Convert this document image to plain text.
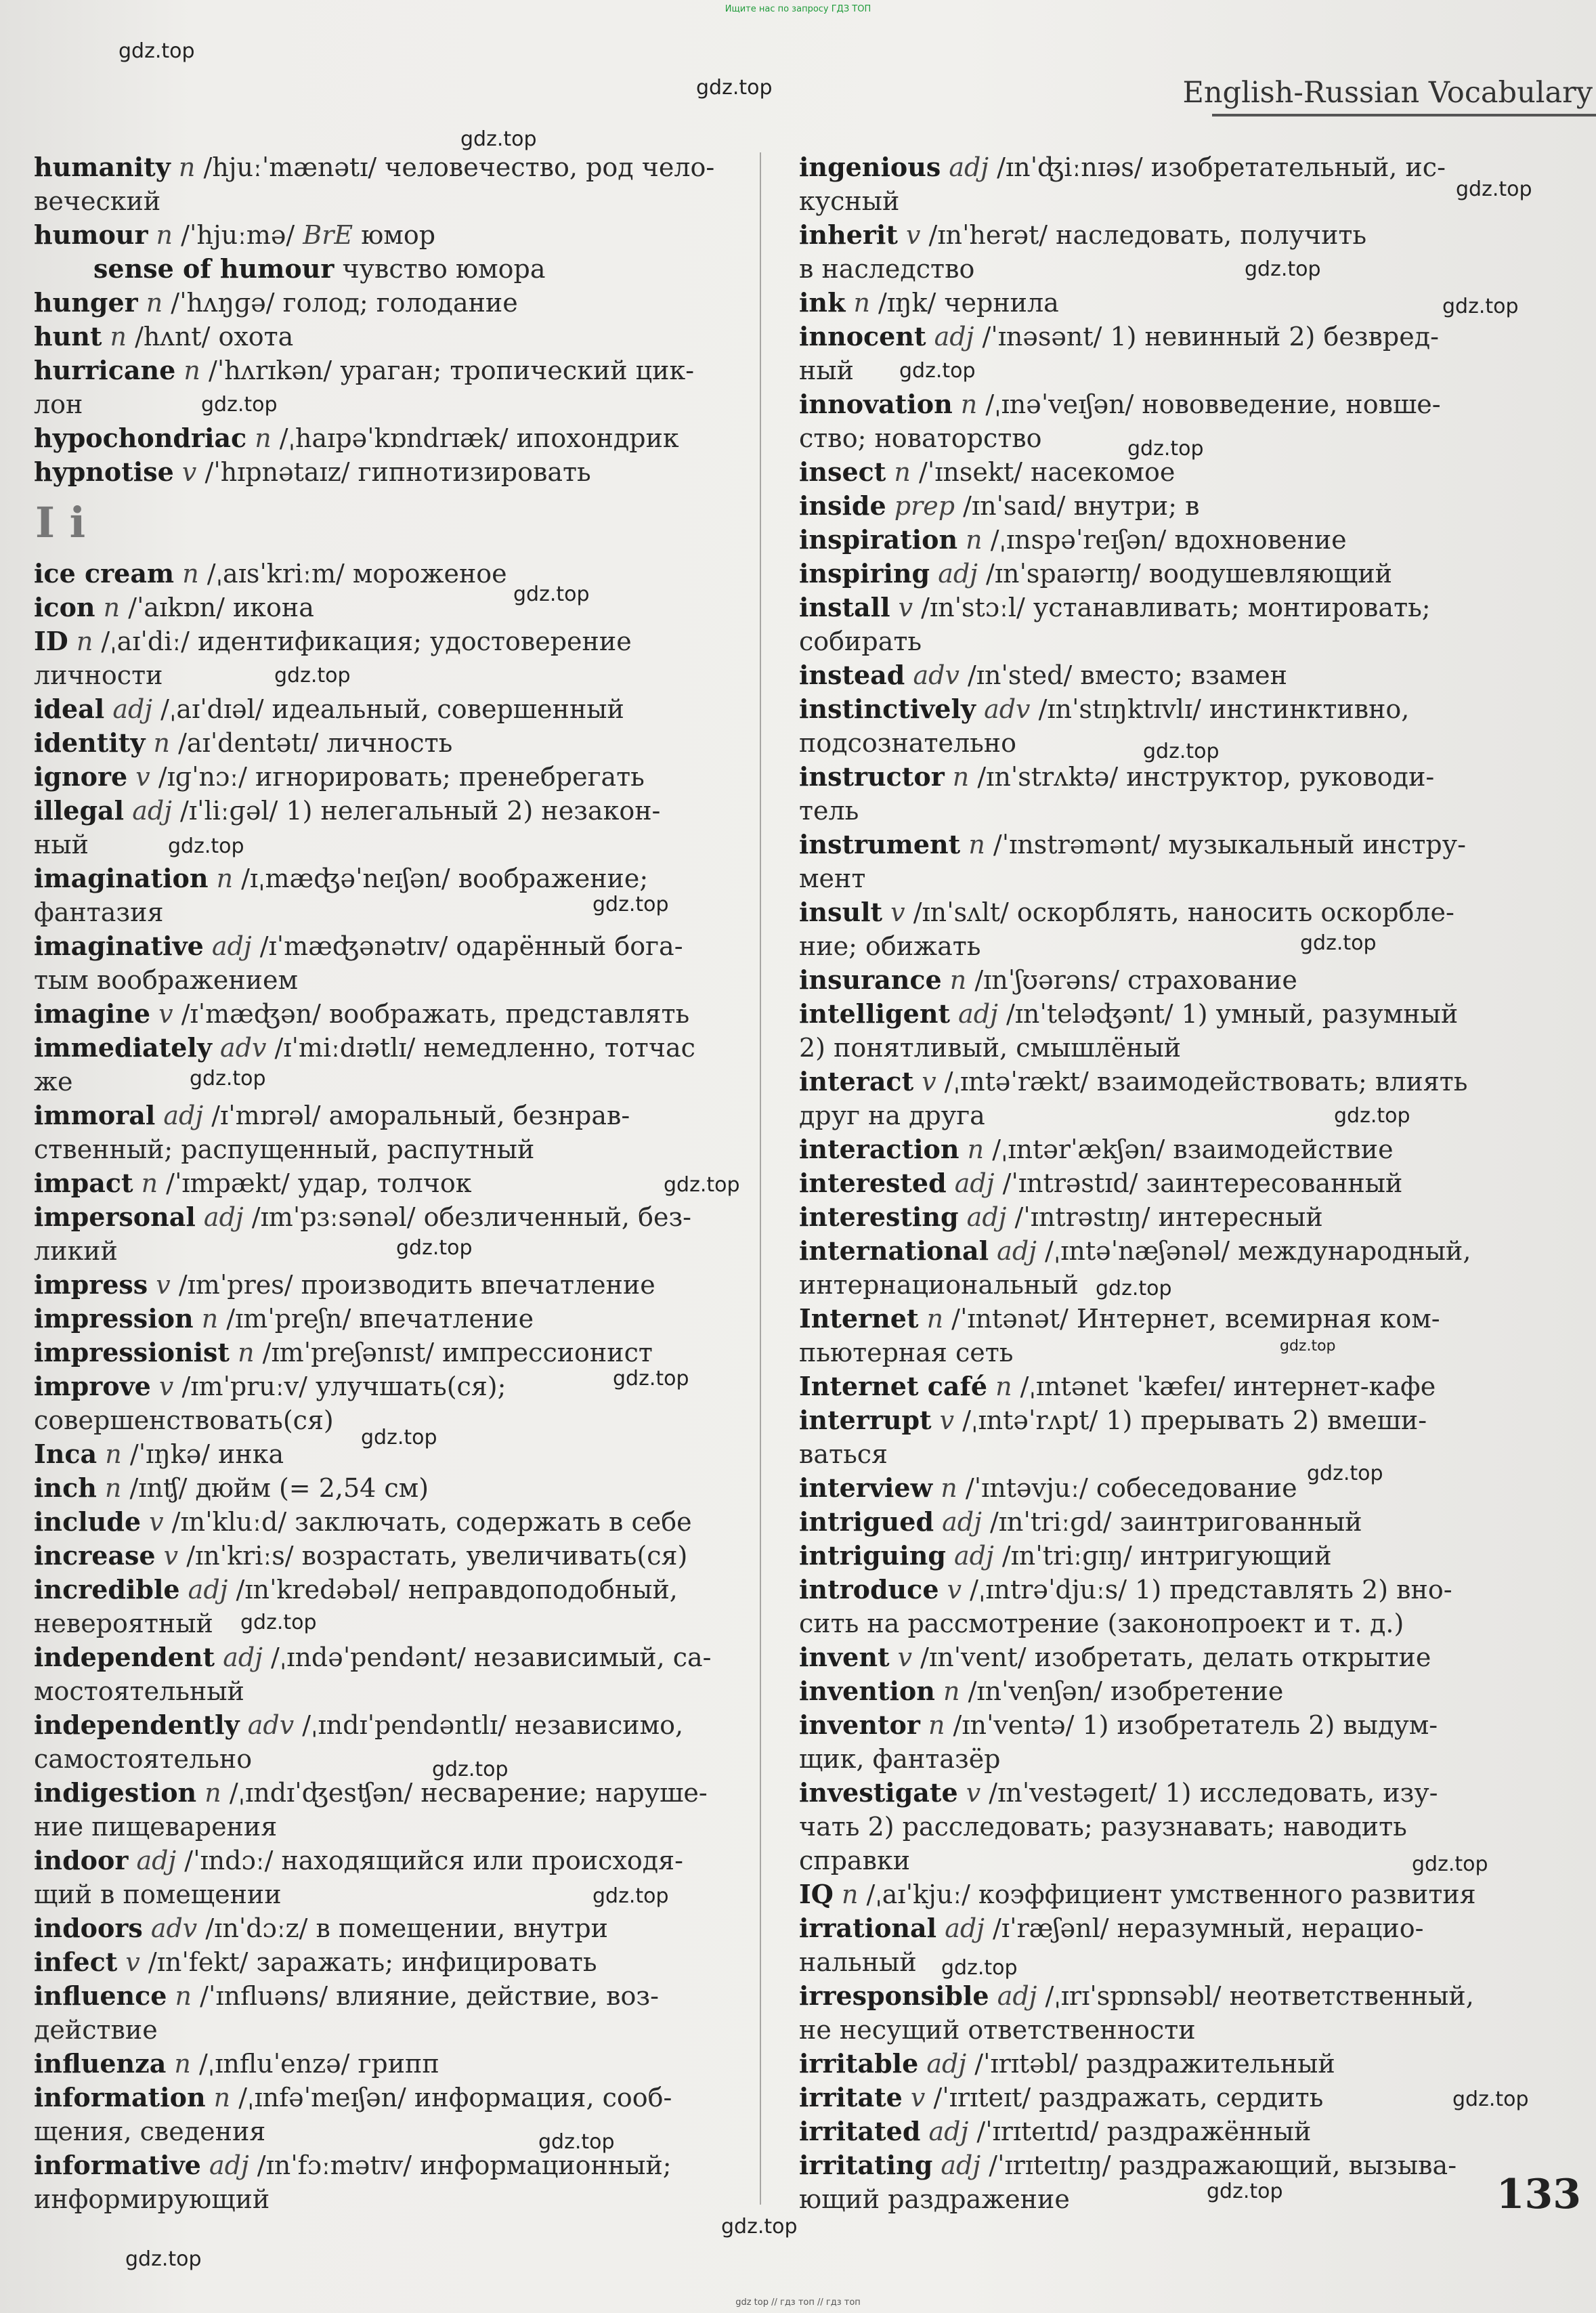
Ищите нас по запросу ГДЗ ТОП
English-Russian Vocabulary
humanity n /hjuːˈmænətɪ/ человечество, род чело-
веческий
humour n /ˈhjuːmə/ BrE юмор
sense of humour чувство юмора
hunger n /ˈhʌŋɡə/ голод; голодание
hunt n /hʌnt/ охота
hurricane n /ˈhʌrɪkən/ ураган; тропический цик-
лон
hypochondriac n /ˌhaɪpəˈkɒndrɪæk/ ипохондрик
hypnotise v /ˈhɪpnətaɪz/ гипнотизировать
I i
ice cream n /ˌaɪsˈkriːm/ мороженое
icon n /ˈaɪkɒn/ икона
ID n /ˌaɪˈdiː/ идентификация; удостоверение
личности
ideal adj /ˌaɪˈdɪəl/ идеальный, совершенный
identity n /aɪˈdentətɪ/ личность
ignore v /ɪɡˈnɔː/ игнорировать; пренебрегать
illegal adj /ɪˈliːɡəl/ 1) нелегальный 2) незакон-
ный
imagination n /ɪˌmæʤəˈneɪʃən/ воображение;
фантазия
imaginative adj /ɪˈmæʤənətɪv/ одарённый бога-
тым воображением
imagine v /ɪˈmæʤən/ воображать, представлять
immediately adv /ɪˈmiːdɪətlɪ/ немедленно, тотчас
же
immoral adj /ɪˈmɒrəl/ аморальный, безнрав-
ственный; распущенный, распутный
impact n /ˈɪmpækt/ удар, толчок
impersonal adj /ɪmˈpɜːsənəl/ обезличенный, без-
ликий
impress v /ɪmˈpres/ производить впечатление
impression n /ɪmˈpreʃn/ впечатление
impressionist n /ɪmˈpreʃənɪst/ импрессионист
improve v /ɪmˈpruːv/ улучшать(ся);
совершенствовать(ся)
Inca n /ˈɪŋkə/ инка
inch n /ɪnʧ/ дюйм (= 2,54 см)
include v /ɪnˈkluːd/ заключать, содержать в себе
increase v /ɪnˈkriːs/ возрастать, увеличивать(ся)
incredible adj /ɪnˈkredəbəl/ неправдоподобный,
невероятный
independent adj /ˌɪndəˈpendənt/ независимый, са-
мостоятельный
independently adv /ˌɪndɪˈpendəntlɪ/ независимо,
самостоятельно
indigestion n /ˌɪndɪˈʤesʧən/ несварение; наруше-
ние пищеварения
indoor adj /ˈɪndɔː/ находящийся или происходя-
щий в помещении
indoors adv /ɪnˈdɔːz/ в помещении, внутри
infect v /ɪnˈfekt/ заражать; инфицировать
influence n /ˈɪnfluəns/ влияние, действие, воз-
действие
influenza n /ˌɪnfluˈenzə/ грипп
information n /ˌɪnfəˈmeɪʃən/ информация, сооб-
щения, сведения
informative adj /ɪnˈfɔːmətɪv/ информационный;
информирующий
ingenious adj /ɪnˈʤiːnɪəs/ изобретательный, ис-
кусный
inherit v /ɪnˈherət/ наследовать, получить
в наследство
ink n /ɪŋk/ чернила
innocent adj /ˈɪnəsənt/ 1) невинный 2) безвред-
ный
innovation n /ˌɪnəˈveɪʃən/ нововведение, новше-
ство; новаторство
insect n /ˈɪnsekt/ насекомое
inside prep /ɪnˈsaɪd/ внутри; в
inspiration n /ˌɪnspəˈreɪʃən/ вдохновение
inspiring adj /ɪnˈspaɪərɪŋ/ воодушевляющий
install v /ɪnˈstɔːl/ устанавливать; монтировать;
собирать
instead adv /ɪnˈsted/ вместо; взамен
instinctively adv /ɪnˈstɪŋktɪvlɪ/ инстинктивно,
подсознательно
instructor n /ɪnˈstrʌktə/ инструктор, руководи-
тель
instrument n /ˈɪnstrəmənt/ музыкальный инстру-
мент
insult v /ɪnˈsʌlt/ оскорблять, наносить оскорбле-
ние; обижать
insurance n /ɪnˈʃʊərəns/ страхование
intelligent adj /ɪnˈteləʤənt/ 1) умный, разумный
2) понятливый, смышлёный
interact v /ˌɪntəˈrækt/ взаимодействовать; влиять
друг на друга
interaction n /ˌɪntərˈækʃən/ взаимодействие
interested adj /ˈɪntrəstɪd/ заинтересованный
interesting adj /ˈɪntrəstɪŋ/ интересный
international adj /ˌɪntəˈnæʃənəl/ международный,
интернациональный
Internet n /ˈɪntənət/ Интернет, всемирная ком-
пьютерная сеть
Internet café n /ˌɪntənet ˈkæfeɪ/ интернет-кафе
interrupt v /ˌɪntəˈrʌpt/ 1) прерывать 2) вмеши-
ваться
interview n /ˈɪntəvjuː/ собеседование
intrigued adj /ɪnˈtriːɡd/ заинтригованный
intriguing adj /ɪnˈtriːɡɪŋ/ интригующий
introduce v /ˌɪntrəˈdjuːs/ 1) представлять 2) вно-
сить на рассмотрение (законопроект и т. д.)
invent v /ɪnˈvent/ изобретать, делать открытие
invention n /ɪnˈvenʃən/ изобретение
inventor n /ɪnˈventə/ 1) изобретатель 2) выдум-
щик, фантазёр
investigate v /ɪnˈvestəɡeɪt/ 1) исследовать, изу-
чать 2) расследовать; разузнавать; наводить
справки
IQ n /ˌaɪˈkjuː/ коэффициент умственного развития
irrational adj /ɪˈræʃənl/ неразумный, нерацио-
нальный
irresponsible adj /ˌɪrɪˈspɒnsəbl/ неответственный,
не несущий ответственности
irritable adj /ˈɪrɪtəbl/ раздражительный
irritate v /ˈɪrɪteɪt/ раздражать, сердить
irritated adj /ˈɪrɪteɪtɪd/ раздражённый
irritating adj /ˈɪrɪteɪtɪŋ/ раздражающий, вызыва-
ющий раздражение	133
gdz top // гдз топ // гдз топ
gdz.top
gdz.top
gdz.top
gdz.top
gdz.top
gdz.top
gdz.top
gdz.top
gdz.top
gdz.top
gdz.top
gdz.top
gdz.top
gdz.top
gdz.top
gdz.top
gdz.top
gdz.top
gdz.top
gdz.top
gdz.top
gdz.top
gdz.top
gdz.top
gdz.top
gdz.top
gdz.top
gdz.top
gdz.top
gdz.top
gdz.top
gdz.top
gdz.top
gdz.top
